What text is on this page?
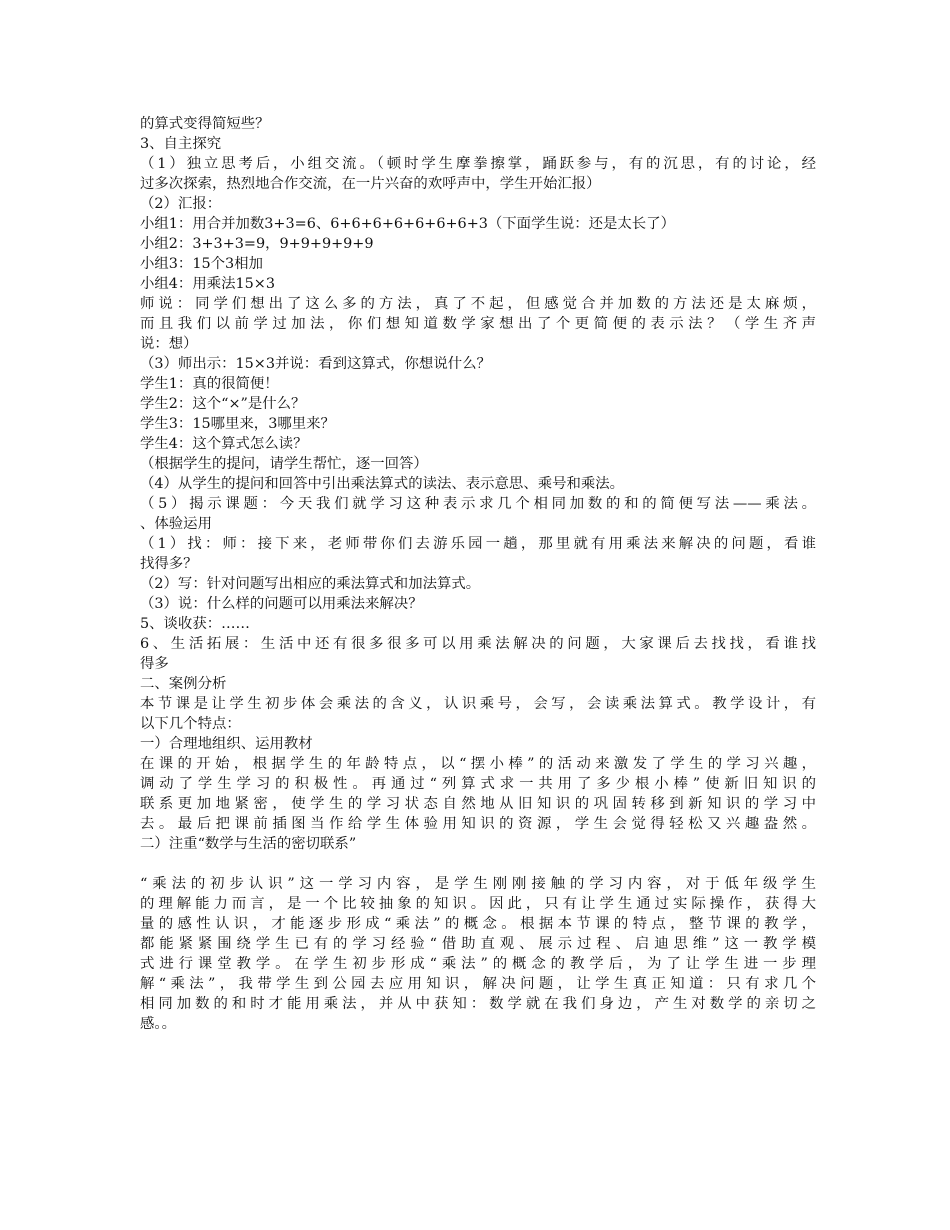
的算式变得简短些？
3、自主探究
（1）独立思考后，小组交流。（顿时学生摩拳擦掌，踊跃参与，有的沉思，有的讨论，经
过多次探索，热烈地合作交流，在一片兴奋的欢呼声中，学生开始汇报）
（2）汇报：
小组1：用合并加数3+3=6、6+6+6+6+6+6+6+3（下面学生说：还是太长了）
小组2：3+3+3=9，9+9+9+9+9
小组3：15个3相加
小组4：用乘法15×3
师说：同学们想出了这么多的方法，真了不起，但感觉合并加数的方法还是太麻烦，
而且我们以前学过加法，你们想知道数学家想出了个更简便的表示法？（学生齐声
说：想）
（3）师出示：15×3并说：看到这算式，你想说什么？
学生1：真的很简便！
学生2：这个“×”是什么？
学生3：15哪里来，3哪里来？
学生4：这个算式怎么读？
（根据学生的提问，请学生帮忙，逐一回答）
（4）从学生的提问和回答中引出乘法算式的读法、表示意思、乘号和乘法。
（5）揭示课题：今天我们就学习这种表示求几个相同加数的和的简便写法——乘法。
、体验运用
（1）找：师：接下来，老师带你们去游乐园一趟，那里就有用乘法来解决的问题，看谁
找得多？
（2）写：针对问题写出相应的乘法算式和加法算式。
（3）说：什么样的问题可以用乘法来解决？
5、谈收获：……
6、生活拓展：生活中还有很多很多可以用乘法解决的问题，大家课后去找找，看谁找
得多
二、案例分析
本节课是让学生初步体会乘法的含义，认识乘号，会写，会读乘法算式。教学设计，有
以下几个特点：
一）合理地组织、运用教材
在课的开始，根据学生的年龄特点，以“摆小棒”的活动来激发了学生的学习兴趣，
调动了学生学习的积极性。再通过“列算式求一共用了多少根小棒”使新旧知识的
联系更加地紧密，使学生的学习状态自然地从旧知识的巩固转移到新知识的学习中
去。最后把课前插图当作给学生体验用知识的资源，学生会觉得轻松又兴趣盎然。
二）注重“数学与生活的密切联系”
“乘法的初步认识”这一学习内容，是学生刚刚接触的学习内容，对于低年级学生
的理解能力而言，是一个比较抽象的知识。因此，只有让学生通过实际操作，获得大
量的感性认识，才能逐步形成“乘法”的概念。根据本节课的特点，整节课的教学，
都能紧紧围绕学生已有的学习经验“借助直观、展示过程、启迪思维”这一教学模
式进行课堂教学。在学生初步形成“乘法”的概念的教学后，为了让学生进一步理
解“乘法”，我带学生到公园去应用知识，解决问题，让学生真正知道：只有求几个
相同加数的和时才能用乘法，并从中获知：数学就在我们身边，产生对数学的亲切之
感。。
